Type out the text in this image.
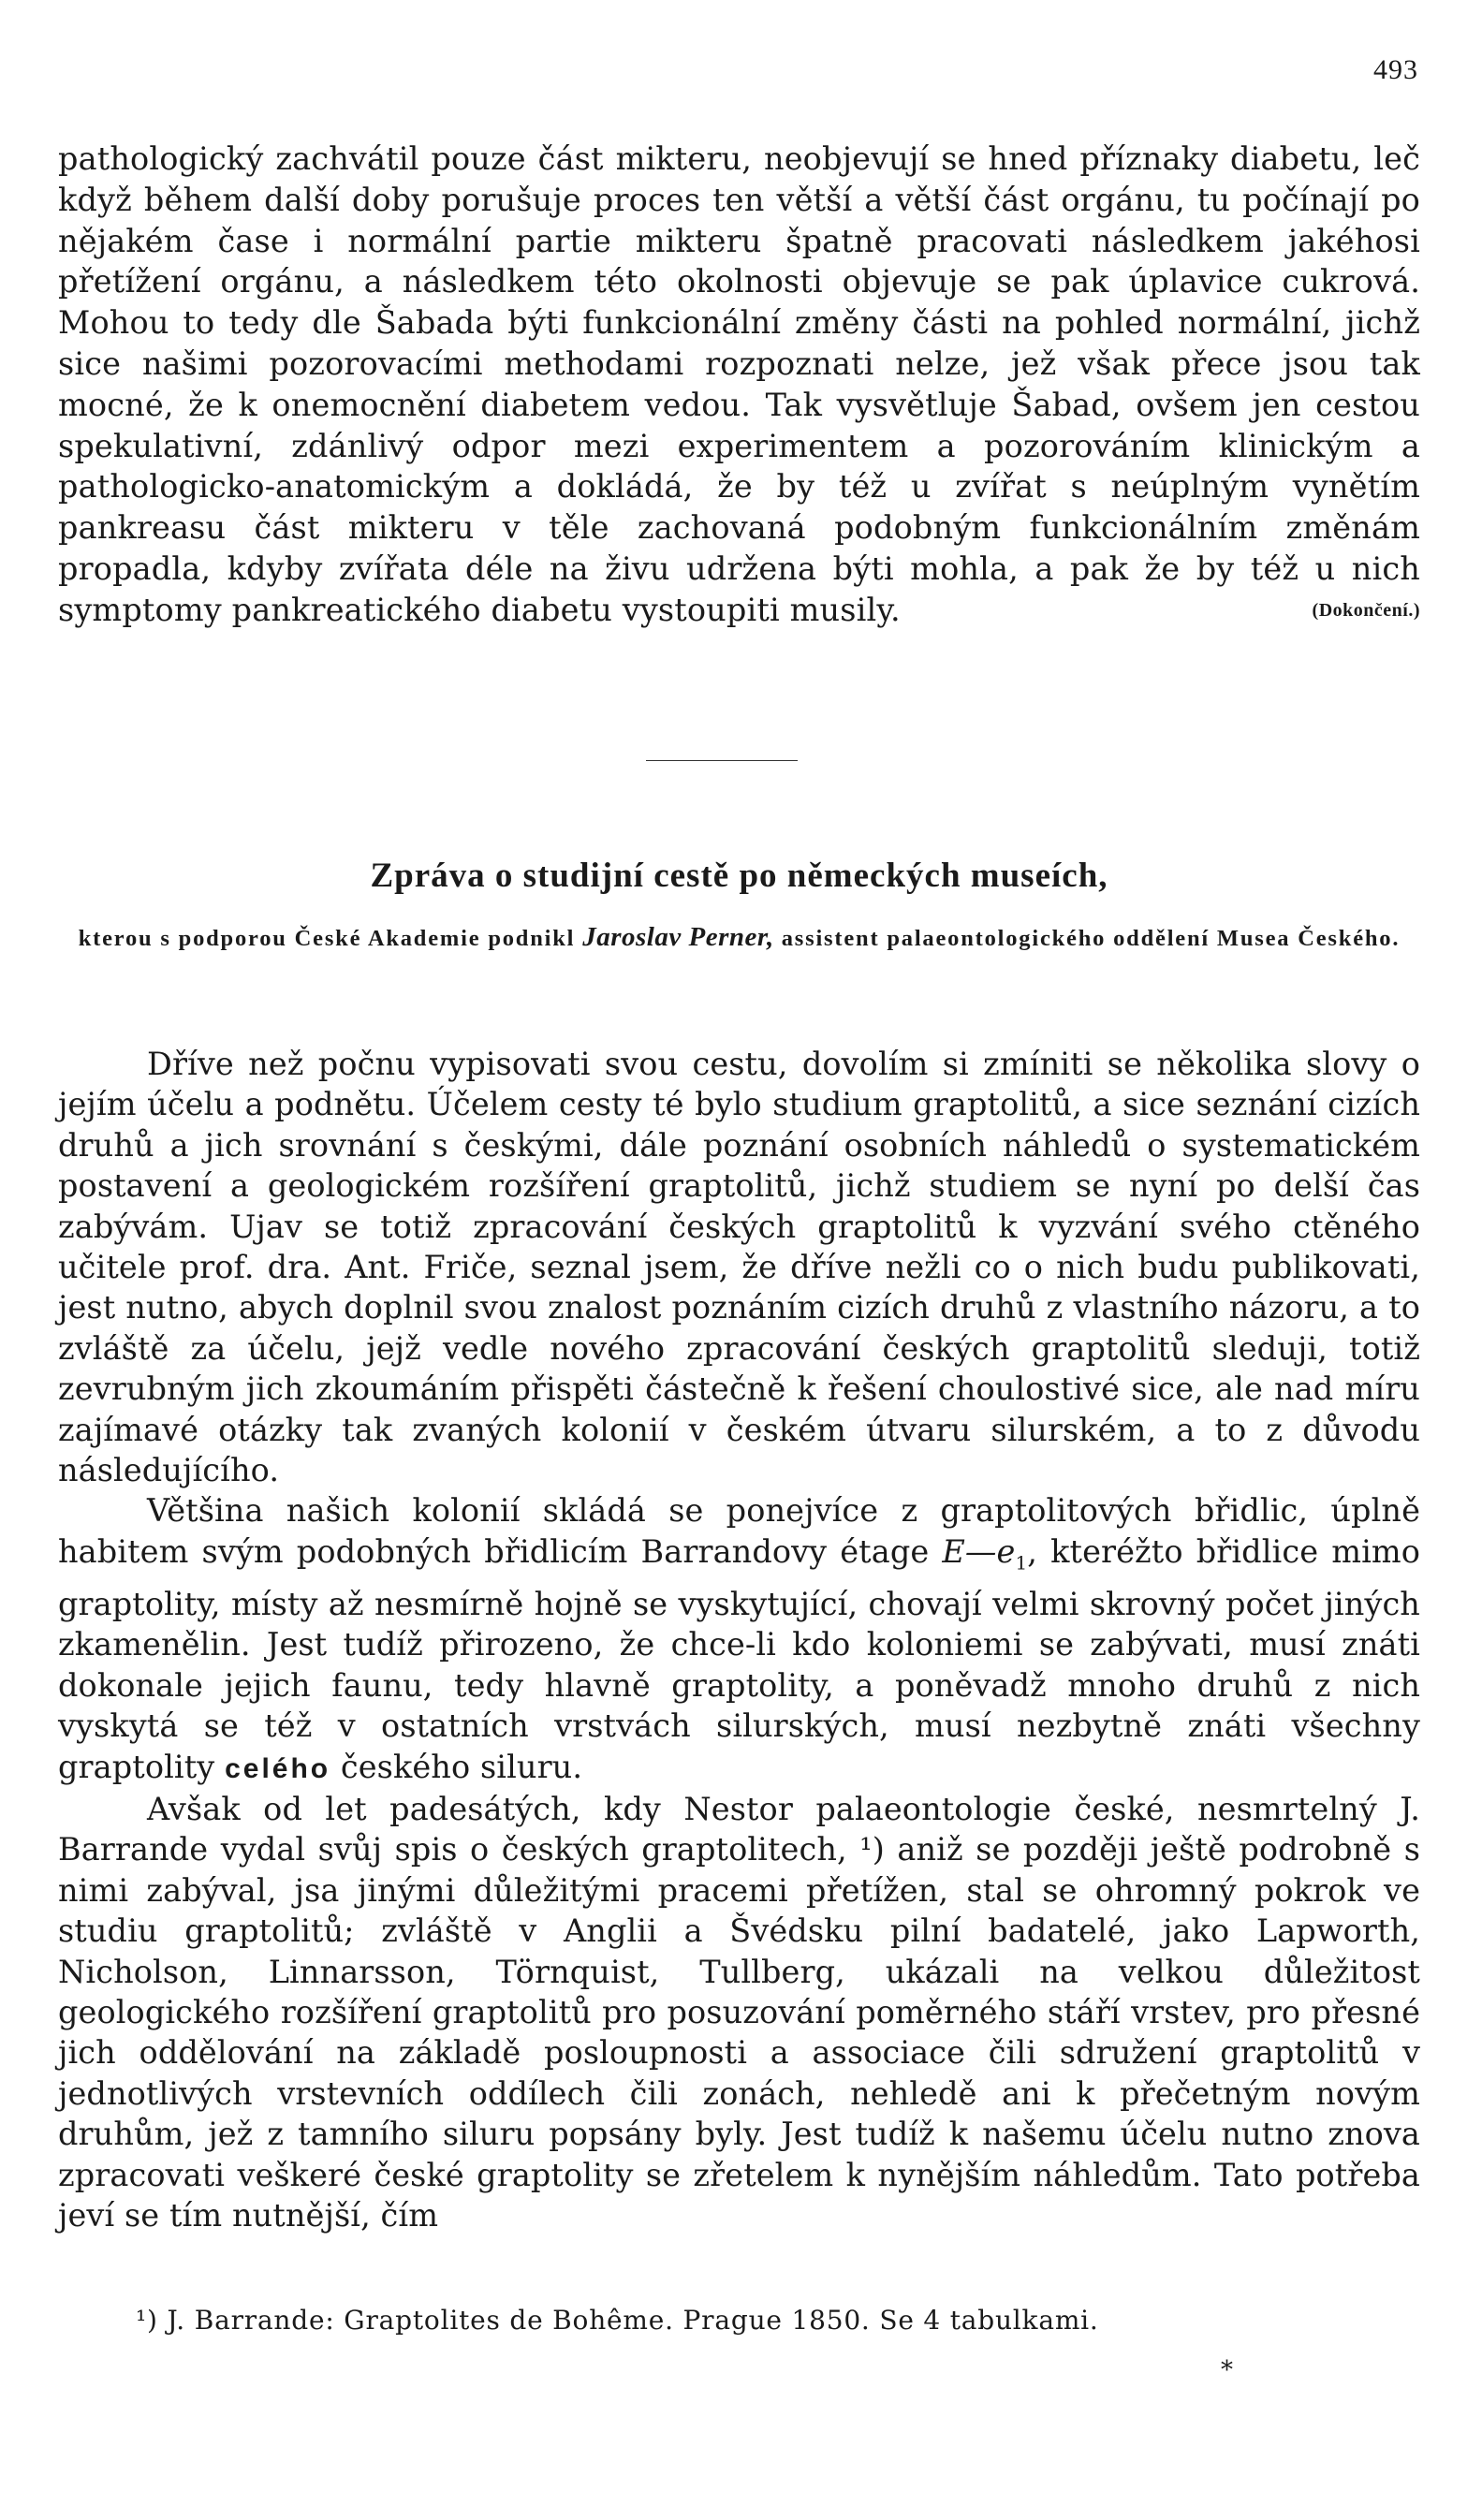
493

pathologický zachvátil pouze část mikteru, neobjevují se hned příznaky diabetu, leč když během další doby porušuje proces ten větší a větší část orgánu, tu počínají po nějakém čase i normální partie mikteru špatně pracovati následkem jakéhosi přetížení orgánu, a následkem této okolnosti objevuje se pak úplavice cukrová. Mohou to tedy dle Šabada býti funkcionální změny části na pohled normální, jichž sice našimi pozorovacími methodami rozpoznati nelze, jež však přece jsou tak mocné, že k onemocnění diabetem vedou. Tak vysvětluje Šabad, ovšem jen cestou spekulativní, zdánlivý odpor mezi experimentem a pozorováním klinickým a pathologicko-anatomickým a dokládá, že by též u zvířat s neúplným vynětím pankreasu část mikteru v těle zachovaná podobným funkcionálním změnám propadla, kdyby zvířata déle na živu udržena býti mohla, a pak že by též u nich symptomy pankreatického diabetu vystoupiti musily.	(Dokončení.)

Zpráva o studijní cestě po německých museích,
kterou s podporou České Akademie podnikl Jaroslav Perner, assistent palaeontologického oddělení Musea Českého.

Dříve než počnu vypisovati svou cestu, dovolím si zmíniti se několika slovy o jejím účelu a podnětu. Účelem cesty té bylo studium graptolitů, a sice seznání cizích druhů a jich srovnání s českými, dále poznání osobních náhledů o systematickém postavení a geologickém rozšíření graptolitů, jichž studiem se nyní po delší čas zabývám. Ujav se totiž zpracování českých graptolitů k vyzvání svého ctěného učitele prof. dra. Ant. Friče, seznal jsem, že dříve nežli co o nich budu publikovati, jest nutno, abych doplnil svou znalost poznáním cizích druhů z vlastního názoru, a to zvláště za účelu, jejž vedle nového zpracování českých graptolitů sleduji, totiž zevrubným jich zkoumáním přispěti částečně k řešení choulostivé sice, ale nad míru zajímavé otázky tak zvaných kolonií v českém útvaru silurském, a to z důvodu následujícího.

Většina našich kolonií skládá se ponejvíce z graptolitových břidlic, úplně habitem svým podobných břidlicím Barrandovy étage $E—e_1$, kteréžto břidlice mimo graptolity, místy až nesmírně hojně se vyskytující, chovají velmi skrovný počet jiných zkamenělin. Jest tudíž přirozeno, že chce-li kdo koloniemi se zabývati, musí znáti dokonale jejich faunu, tedy hlavně graptolity, a poněvadž mnoho druhů z nich vyskytá se též v ostatních vrstvách silurských, musí nezbytně znáti všechny graptolity celého českého siluru.

Avšak od let padesátých, kdy Nestor palaeontologie české, nesmrtelný J. Barrande vydal svůj spis o českých graptolitech, ¹) aniž se později ještě podrobně s nimi zabýval, jsa jinými důležitými pracemi přetížen, stal se ohromný pokrok ve studiu graptolitů; zvláště v Anglii a Švédsku pilní badatelé, jako Lapworth, Nicholson, Linnarsson, Törnquist, Tullberg, ukázali na velkou důležitost geologického rozšíření graptolitů pro posuzování poměrného stáří vrstev, pro přesné jich oddělování na základě posloupnosti a associace čili sdružení graptolitů v jednotlivých vrstevních oddílech čili zonách, nehledě ani k přečetným novým druhům, jež z tamního siluru popsány byly. Jest tudíž k našemu účelu nutno znova zpracovati veškeré české graptolity se zřetelem k nynějším náhledům. Tato potřeba jeví se tím nutnější, čím

¹) J. Barrande: Graptolites de Bohême. Prague 1850. Se 4 tabulkami.
*
